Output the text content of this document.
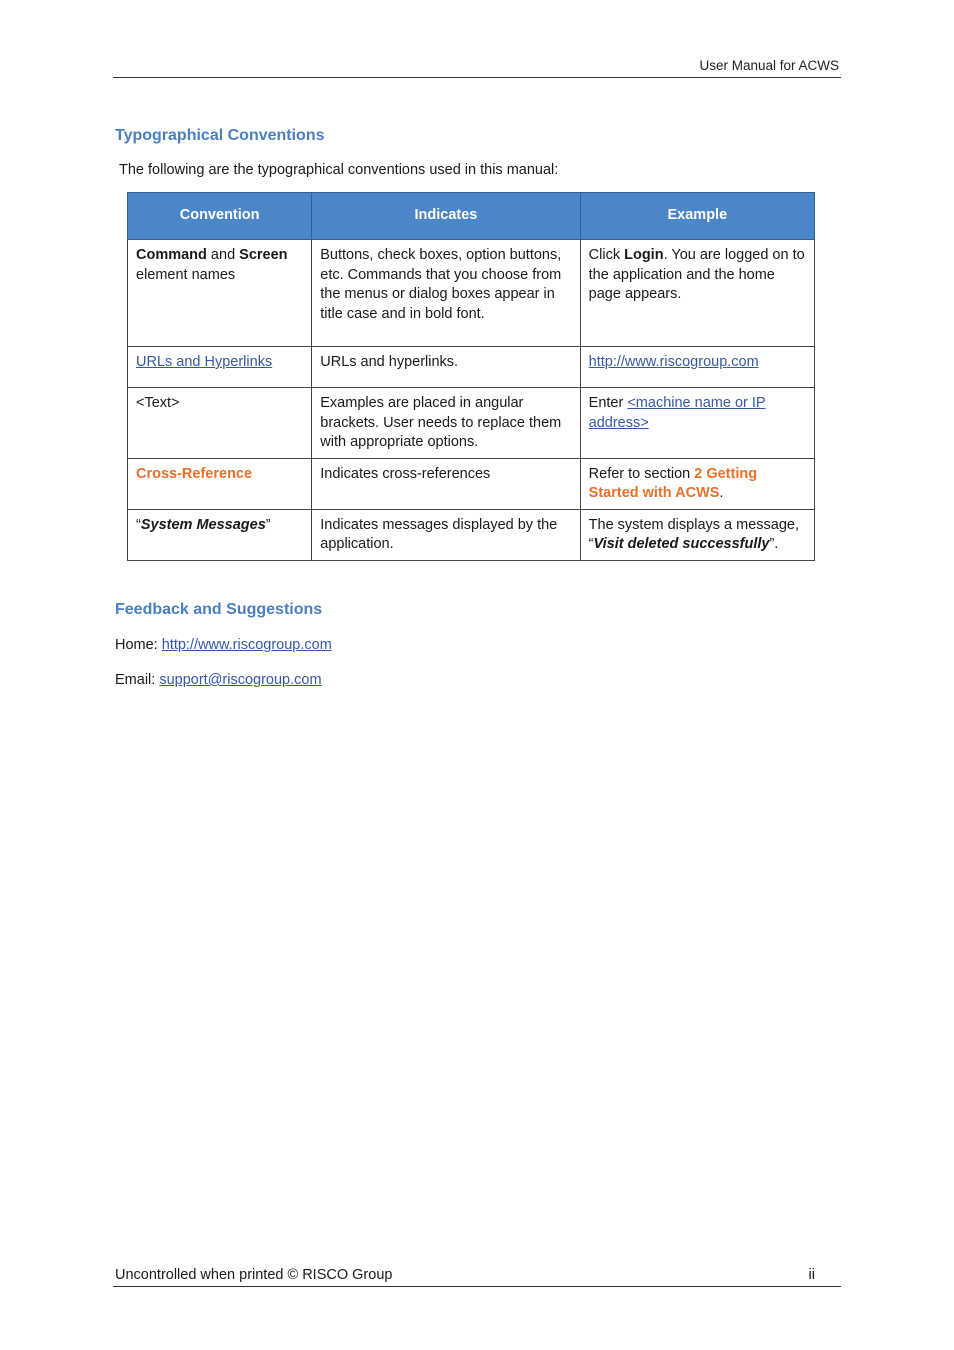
User Manual for ACWS
Typographical Conventions

The following are the typographical conventions used in this manual:

Convention	Indicates	Example
Command and Screen element names	Buttons, check boxes, option buttons, etc. Commands that you choose from the menus or dialog boxes appear in title case and in bold font.	Click Login. You are logged on to the application and the home page appears.
URLs and Hyperlinks	URLs and hyperlinks.	http://www.riscogroup.com
<Text>	Examples are placed in angular brackets. User needs to replace them with appropriate options.	Enter <machine name or IP address>
Cross-Reference	Indicates cross-references	Refer to section 2 Getting Started with ACWS.
“System Messages”	Indicates messages displayed by the application.	The system displays a message, “Visit deleted successfully”.
Feedback and Suggestions

Home: http://www.riscogroup.com

Email: support@riscogroup.com

Uncontrolled when printed © RISCO Group	ii
